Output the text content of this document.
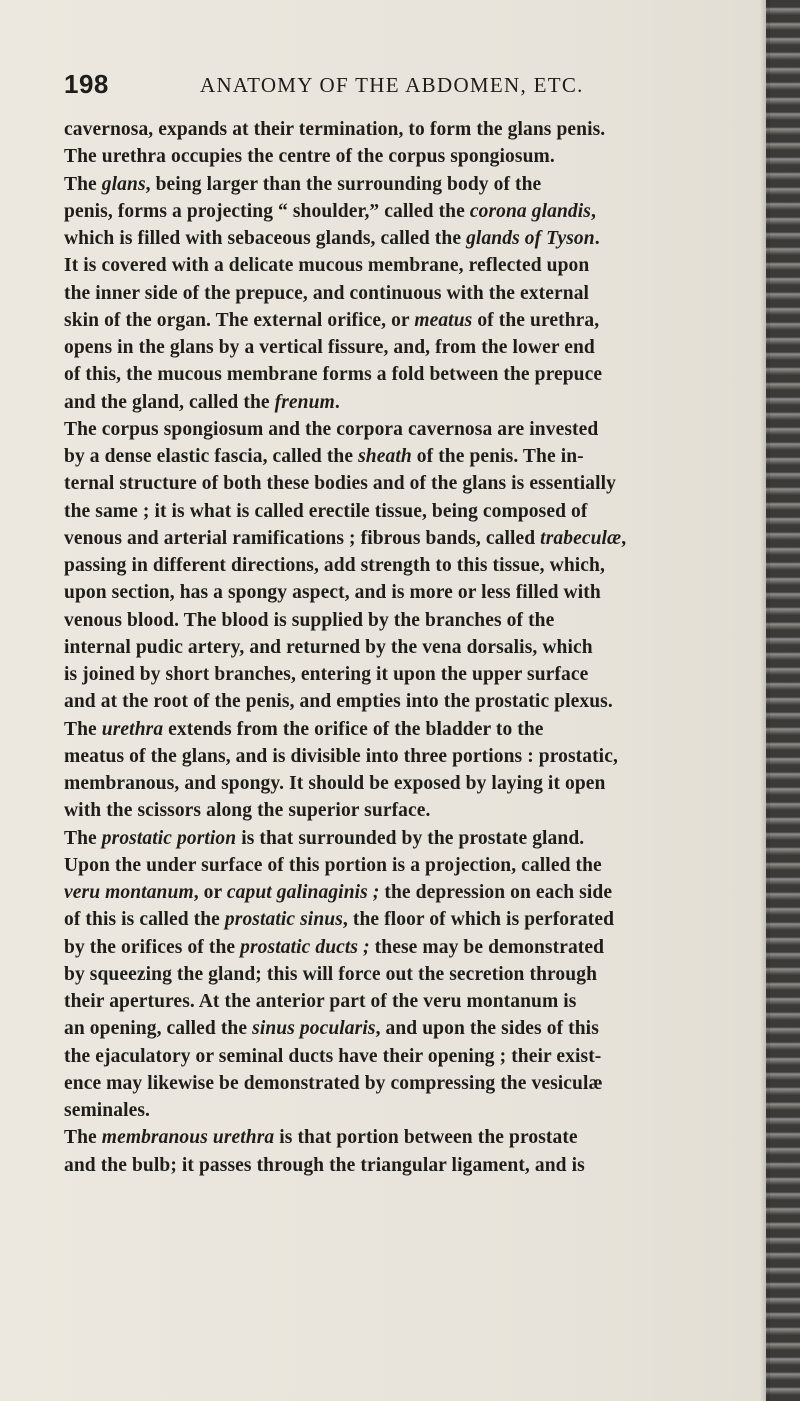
198	ANATOMY OF THE ABDOMEN, ETC.
cavernosa, expands at their termination, to form the glans penis.
The urethra occupies the centre of the corpus spongiosum.
The glans, being larger than the surrounding body of the
penis, forms a projecting “ shoulder,” called the corona glandis,
which is filled with sebaceous glands, called the glands of Tyson.
It is covered with a delicate mucous membrane, reflected upon
the inner side of the prepuce, and continuous with the external
skin of the organ. The external orifice, or meatus of the urethra,
opens in the glans by a vertical fissure, and, from the lower end
of this, the mucous membrane forms a fold between the prepuce
and the gland, called the frenum.
The corpus spongiosum and the corpora cavernosa are invested
by a dense elastic fascia, called the sheath of the penis. The in-
ternal structure of both these bodies and of the glans is essentially
the same ; it is what is called erectile tissue, being composed of
venous and arterial ramifications ; fibrous bands, called trabeculæ,
passing in different directions, add strength to this tissue, which,
upon section, has a spongy aspect, and is more or less filled with
venous blood. The blood is supplied by the branches of the
internal pudic artery, and returned by the vena dorsalis, which
is joined by short branches, entering it upon the upper surface
and at the root of the penis, and empties into the prostatic plexus.
The urethra extends from the orifice of the bladder to the
meatus of the glans, and is divisible into three portions : prostatic,
membranous, and spongy. It should be exposed by laying it open
with the scissors along the superior surface.
The prostatic portion is that surrounded by the prostate gland.
Upon the under surface of this portion is a projection, called the
veru montanum, or caput galinaginis ; the depression on each side
of this is called the prostatic sinus, the floor of which is perforated
by the orifices of the prostatic ducts ; these may be demonstrated
by squeezing the gland; this will force out the secretion through
their apertures. At the anterior part of the veru montanum is
an opening, called the sinus pocularis, and upon the sides of this
the ejaculatory or seminal ducts have their opening ; their exist-
ence may likewise be demonstrated by compressing the vesiculæ
seminales.
The membranous urethra is that portion between the prostate
and the bulb; it passes through the triangular ligament, and is
